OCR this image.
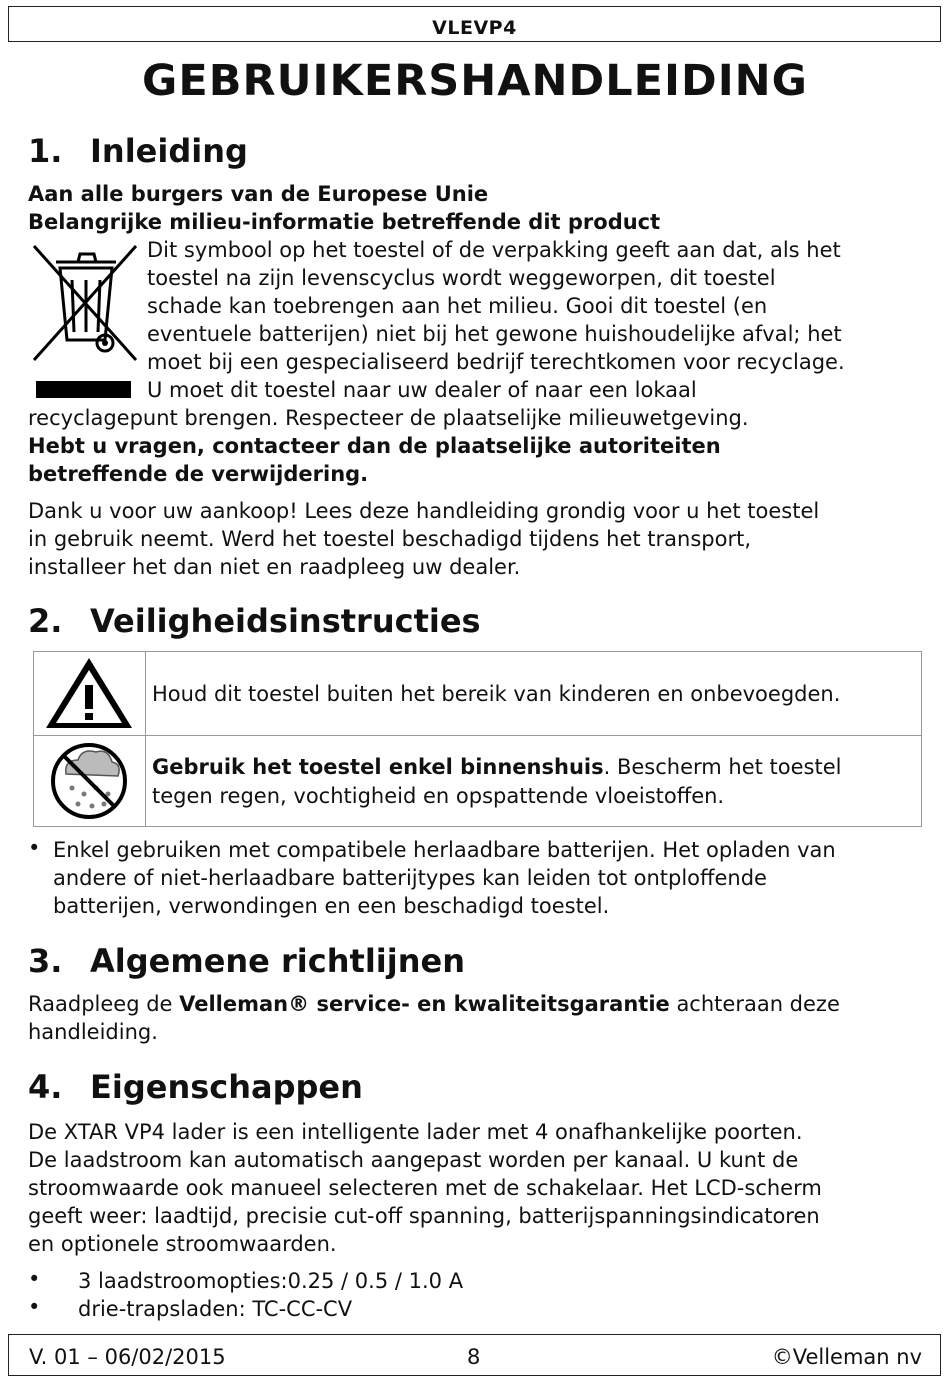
VLEVP4
GEBRUIKERSHANDLEIDING
1. Inleiding
Aan alle burgers van de Europese Unie
Belangrijke milieu-informatie betreffende dit product
Dit symbool op het toestel of de verpakking geeft aan dat, als het
toestel na zijn levenscyclus wordt weggeworpen, dit toestel
schade kan toebrengen aan het milieu. Gooi dit toestel (en
eventuele batterijen) niet bij het gewone huishoudelijke afval; het
moet bij een gespecialiseerd bedrijf terechtkomen voor recyclage.
U moet dit toestel naar uw dealer of naar een lokaal
recyclagepunt brengen. Respecteer de plaatselijke milieuwetgeving.
Hebt u vragen, contacteer dan de plaatselijke autoriteiten
betreffende de verwijdering.
Dank u voor uw aankoop! Lees deze handleiding grondig voor u het toestel
in gebruik neemt. Werd het toestel beschadigd tijdens het transport,
installeer het dan niet en raadpleeg uw dealer.
2. Veiligheidsinstructies
Houd dit toestel buiten het bereik van kinderen en onbevoegden.
Gebruik het toestel enkel binnenshuis. Bescherm het toestel
tegen regen, vochtigheid en opspattende vloeistoffen.
• Enkel gebruiken met compatibele herlaadbare batterijen. Het opladen van
andere of niet-herlaadbare batterijtypes kan leiden tot ontploffende
batterijen, verwondingen en een beschadigd toestel.
3. Algemene richtlijnen
Raadpleeg de Velleman® service- en kwaliteitsgarantie achteraan deze
handleiding.
4. Eigenschappen
De XTAR VP4 lader is een intelligente lader met 4 onafhankelijke poorten.
De laadstroom kan automatisch aangepast worden per kanaal. U kunt de
stroomwaarde ook manueel selecteren met de schakelaar. Het LCD-scherm
geeft weer: laadtijd, precisie cut-off spanning, batterijspanningsindicatoren
en optionele stroomwaarden.
• 3 laadstroomopties:0.25 / 0.5 / 1.0 A
• drie-trapsladen: TC-CC-CV
V. 01 – 06/02/2015	8	©Velleman nv
